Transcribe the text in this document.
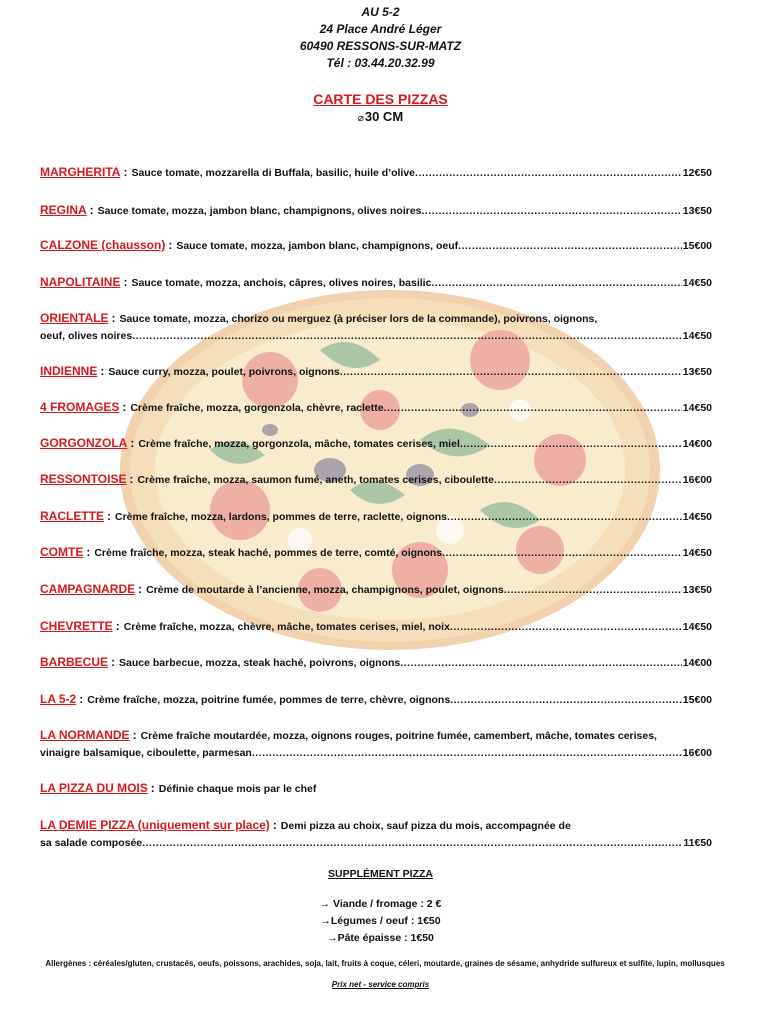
AU 5-2
24 Place André Léger
60490 RESSONS-SUR-MATZ
Tél : 03.44.20.32.99
CARTE DES PIZZAS
⌀30 CM
MARGHERITA : Sauce tomate, mozzarella di Buffala, basilic, huile d’olive .....	12€50
REGINA : Sauce tomate, mozza, jambon blanc, champignons, olives noires .....	13€50
CALZONE (chausson) : Sauce tomate, mozza, jambon blanc, champignons, oeuf .....	15€00
NAPOLITAINE : Sauce tomate, mozza, anchois, câpres, olives noires, basilic .....	14€50
ORIENTALE : Sauce tomate, mozza, chorizo ou merguez (à préciser lors de la commande), poivrons, oignons,
oeuf, olives noires .....	14€50
INDIENNE : Sauce curry, mozza, poulet, poivrons, oignons .....	13€50
4 FROMAGES : Crème fraîche, mozza, gorgonzola, chèvre, raclette .....	14€50
GORGONZOLA : Crème fraîche, mozza, gorgonzola, mâche, tomates cerises, miel .....	14€00
RESSONTOISE : Crème fraîche, mozza, saumon fumé, aneth, tomates cerises, ciboulette .....	16€00
RACLETTE : Crème fraîche, mozza, lardons, pommes de terre, raclette, oignons .....	14€50
COMTE : Crème fraîche, mozza, steak haché, pommes de terre, comté, oignons .....	14€50
CAMPAGNARDE : Crème de moutarde à l’ancienne, mozza, champignons, poulet, oignons .....	13€50
CHEVRETTE : Crème fraîche, mozza, chèvre, mâche, tomates cerises, miel, noix .....	14€50
BARBECUE : Sauce barbecue, mozza, steak haché, poivrons, oignons .....	14€00
LA 5-2 : Crème fraîche, mozza, poitrine fumée, pommes de terre, chèvre, oignons .....	15€00
LA NORMANDE : Crème fraîche moutardée, mozza, oignons rouges, poitrine fumée, camembert, mâche, tomates cerises,
vinaigre balsamique, ciboulette, parmesan .....	16€00
LA PIZZA DU MOIS : Définie chaque mois par le chef
LA DEMIE PIZZA (uniquement sur place) : Demi pizza au choix, sauf pizza du mois, accompagnée de
sa salade composée .....	11€50
SUPPLÉMENT PIZZA
→ Viande / fromage : 2 €
→Légumes / oeuf : 1€50
→Pâte épaisse : 1€50
Allergènes : céréales/gluten, crustacés, oeufs, poissons, arachides, soja, lait, fruits à coque, céleri, moutarde, graines de sésame, anhydride sulfureux et sulfite, lupin, mollusques
Prix net - service compris
